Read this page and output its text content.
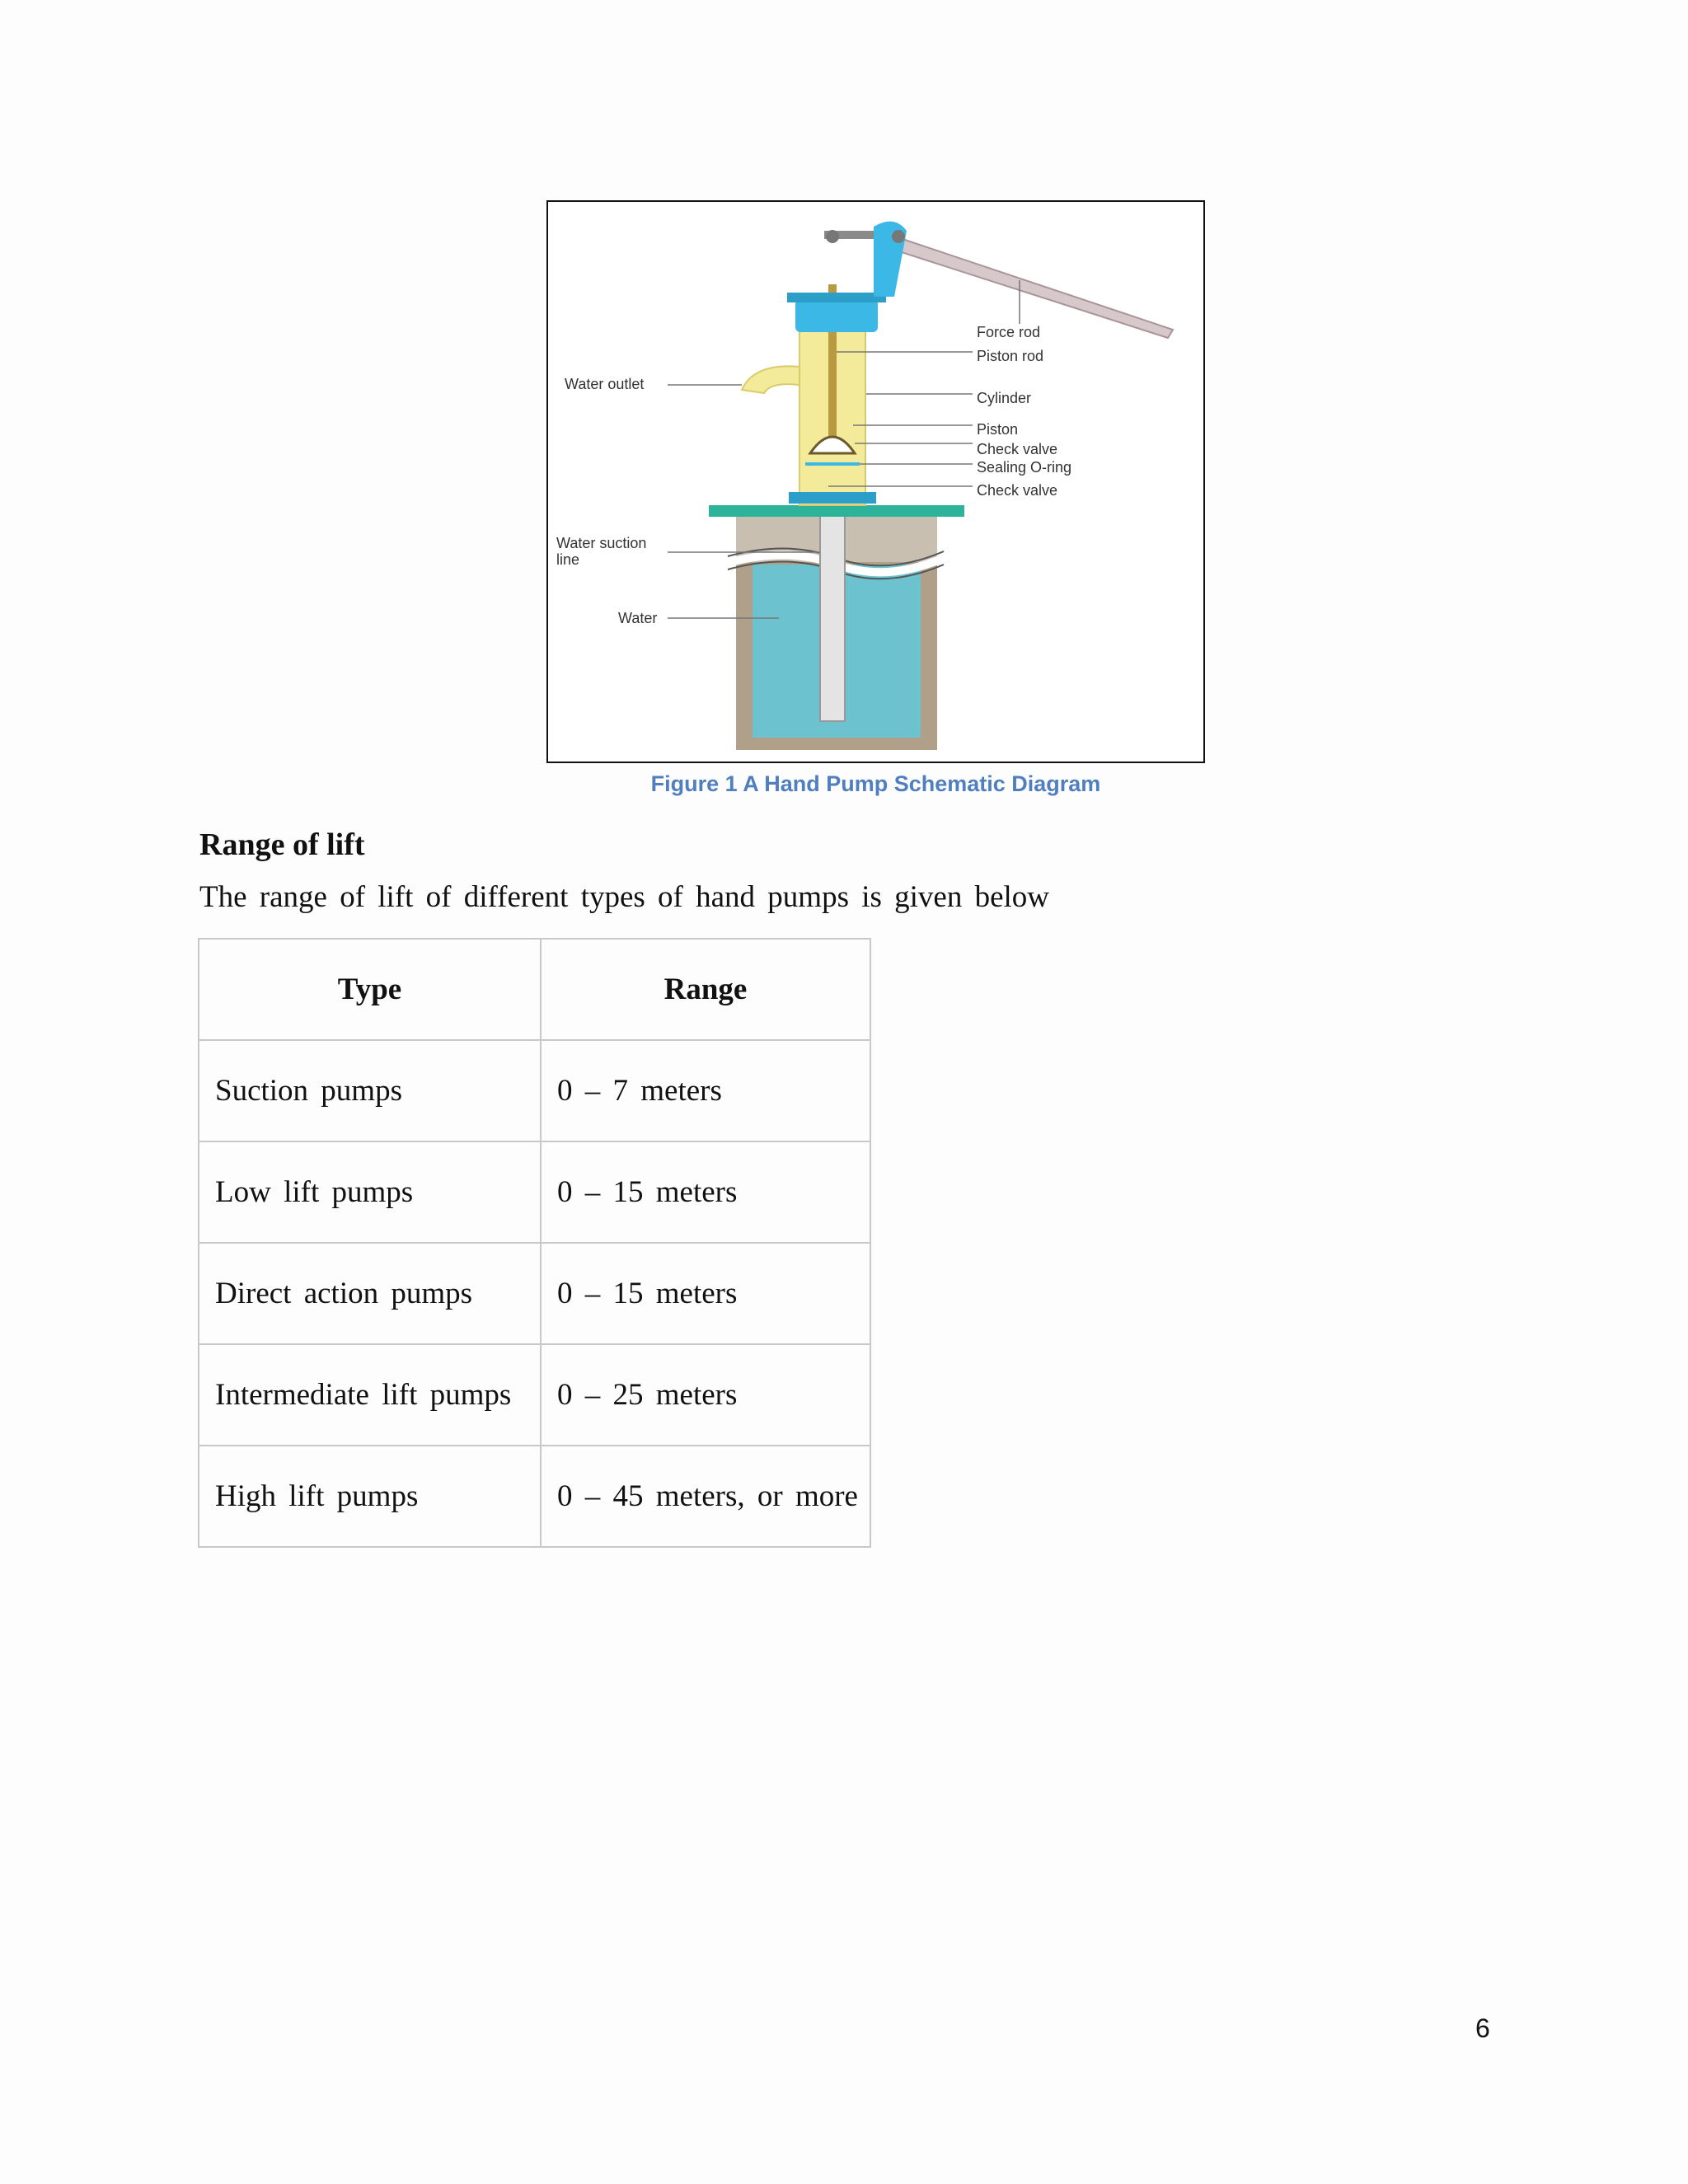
Force rod
Piston rod
Cylinder
Piston
Check valve
Sealing O-ring
Check valve
Water outlet
Water suction line
Water
Figure 1 A Hand Pump Schematic Diagram
Range of lift
The range of lift of different types of hand pumps is given below
Type	Range
Suction pumps	0 – 7 meters
Low lift pumps	0 – 15 meters
Direct action pumps	0 – 15 meters
Intermediate lift pumps	0 – 25 meters
High lift pumps	0 – 45 meters, or more
6
